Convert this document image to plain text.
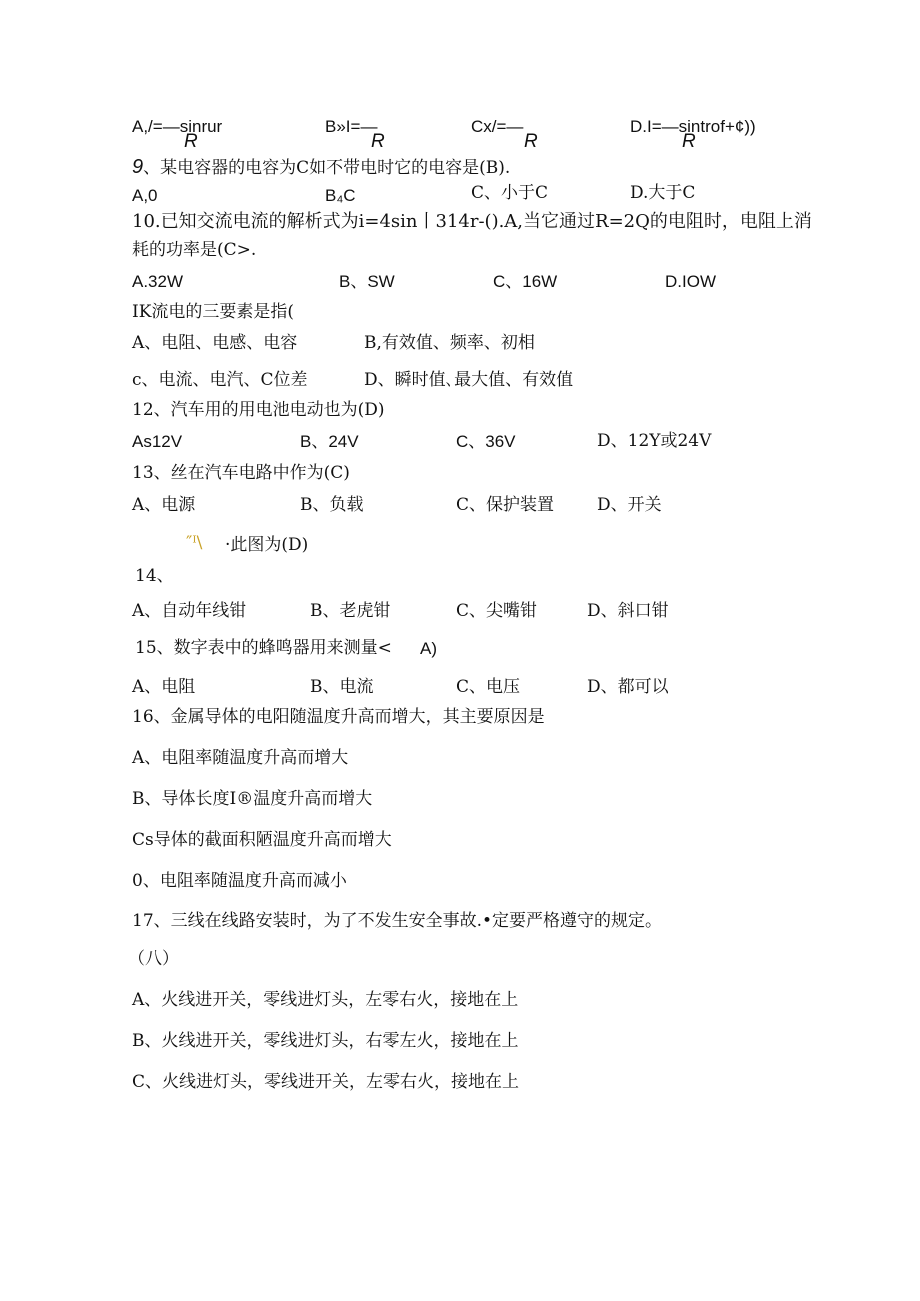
A,/=—sinrur
R
B»I=—
R
Cx/=—
R
D.I=—sintrof+¢))
R
9、某电容器的电容为C如不带电时它的电容是(B).
A,0	B₄C	C、小于C	D.大于C
10.已知交流电流的解析式为i=4sin丨314r-().A,当它通过R=2Q的电阻时，电阻上消
耗的功率是(C>.
A.32W	B、SW	C、16W	D.IOW
IK流电的三要素是指(
A、电阻、电感、电容	B,有效值、频率、初相
c、电流、电汽、C位差	D、瞬时值､最大值、有效值
12、汽车用的用电池电动也为(D)
As12V	B、24V	C、36V	D、12Y或24V
13、丝在汽车电路中作为(C)
A、电源	B、负载	C、保护装置	D、开关
″ᴵ\ ·此图为(D)
14、
A、自动年线钳	B、老虎钳	C、尖嘴钳	D、斜口钳
15、数字表中的蜂鸣器用来测量< A)
A、电阻	B、电流	C、电压	D、都可以
16、金属导体的电阳随温度升高而增大，其主要原因是
A、电阻率随温度升高而增大
B、导体长度I®温度升高而增大
Cs导体的截面积陋温度升高而增大
0、电阻率随温度升高而减小
17、三线在线路安装时，为了不发生安全事故.•定要严格遵守的规定。
（八）
A、火线进开关，零线进灯头，左零右火，接地在上
B、火线进开关，零线进灯头，右零左火，接地在上
C、火线进灯头，零线进开关，左零右火，接地在上
